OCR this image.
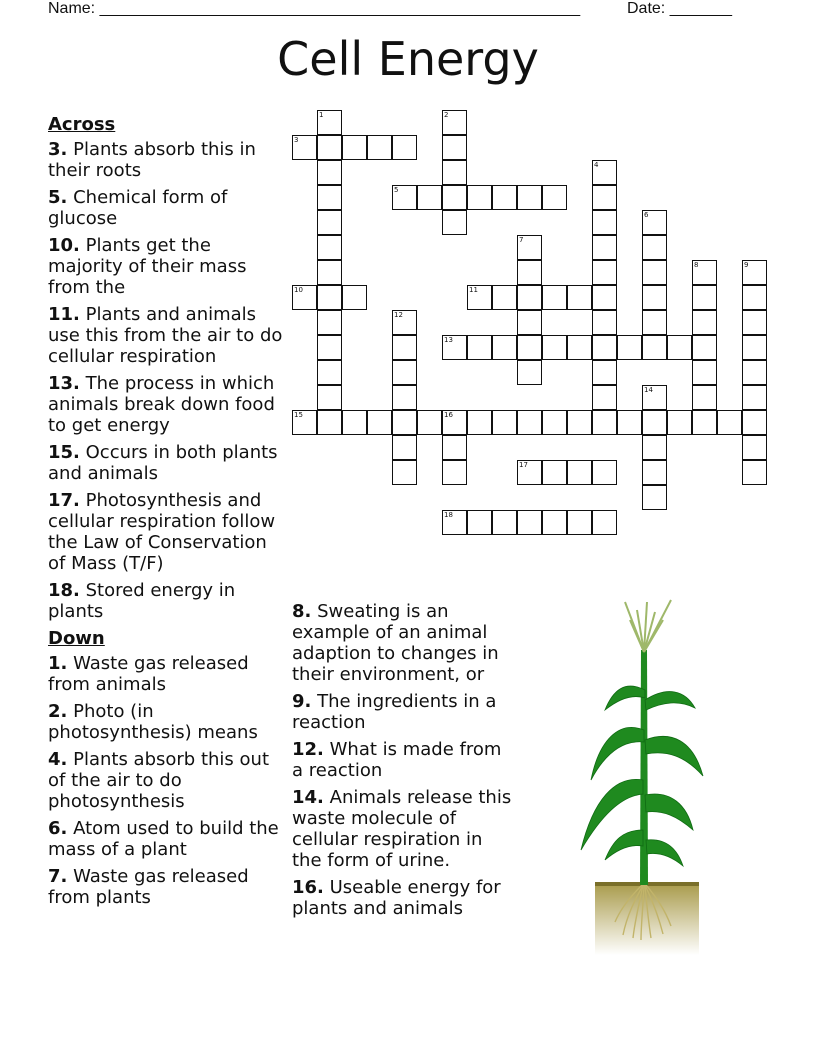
Name: ______________________________________________________	Date: _______
Cell Energy
1	2
3
4
5
6
7
8	9
10	11
12
13
14
15	16
17
18
Across
3. Plants absorb this in their roots
5. Chemical form of glucose
10. Plants get the majority of their mass from the
11. Plants and animals use this from the air to do cellular respiration
13. The process in which animals break down food to get energy
15. Occurs in both plants and animals
17. Photosynthesis and cellular respiration follow the Law of Conservation of Mass (T/F)
18. Stored energy in plants
Down
1. Waste gas released from animals
2. Photo (in photosynthesis) means
4. Plants absorb this out of the air to do photosynthesis
6. Atom used to build the mass of a plant
7. Waste gas released from plants
8. Sweating is an example of an animal adaption to changes in their environment, or
9. The ingredients in a reaction
12. What is made from a reaction
14. Animals release this waste molecule of cellular respiration in the form of urine.
16. Useable energy for plants and animals
